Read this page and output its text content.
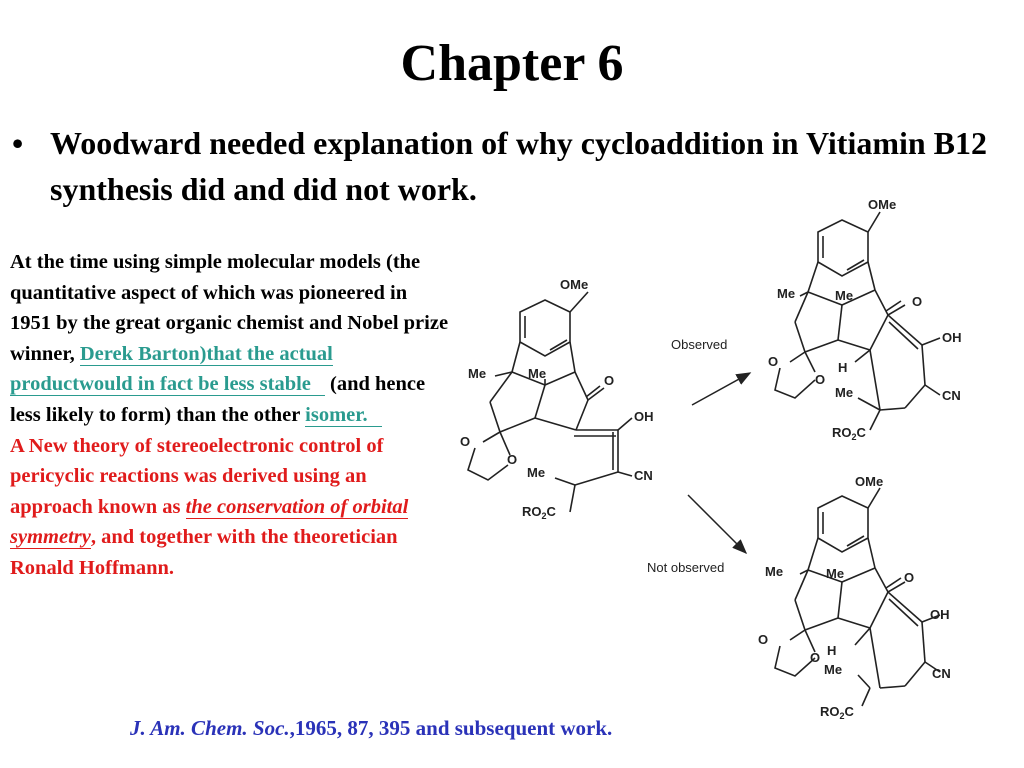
Chapter 6
• Woodward needed explanation of why cycloaddition in Vitiamin B12 synthesis did and did not work.
At the time using simple molecular models (the quantitative aspect of which was pioneered in 1951 by the great organic chemist and Nobel prize winner, Derek Barton)that the actual productwould in fact be less stable (and hence less likely to form) than the other isomer.
A New theory of stereoelectronic control of pericyclic reactions was derived using an approach known as the conservation of orbital symmetry, and together with the theoretician Ronald Hoffmann.
J. Am. Chem. Soc.,1965, 87, 395 and subsequent work.
OMe
Me	Me	O
OH
CN
Me
O
O
$RO_2C$
Observed
Not observed
OMe
Me	Me	O
OH
CN
H
Me
O
O
$RO_2C$
OMe
Me	Me	O
OH
CN
H
Me
O
O
$RO_2C$
